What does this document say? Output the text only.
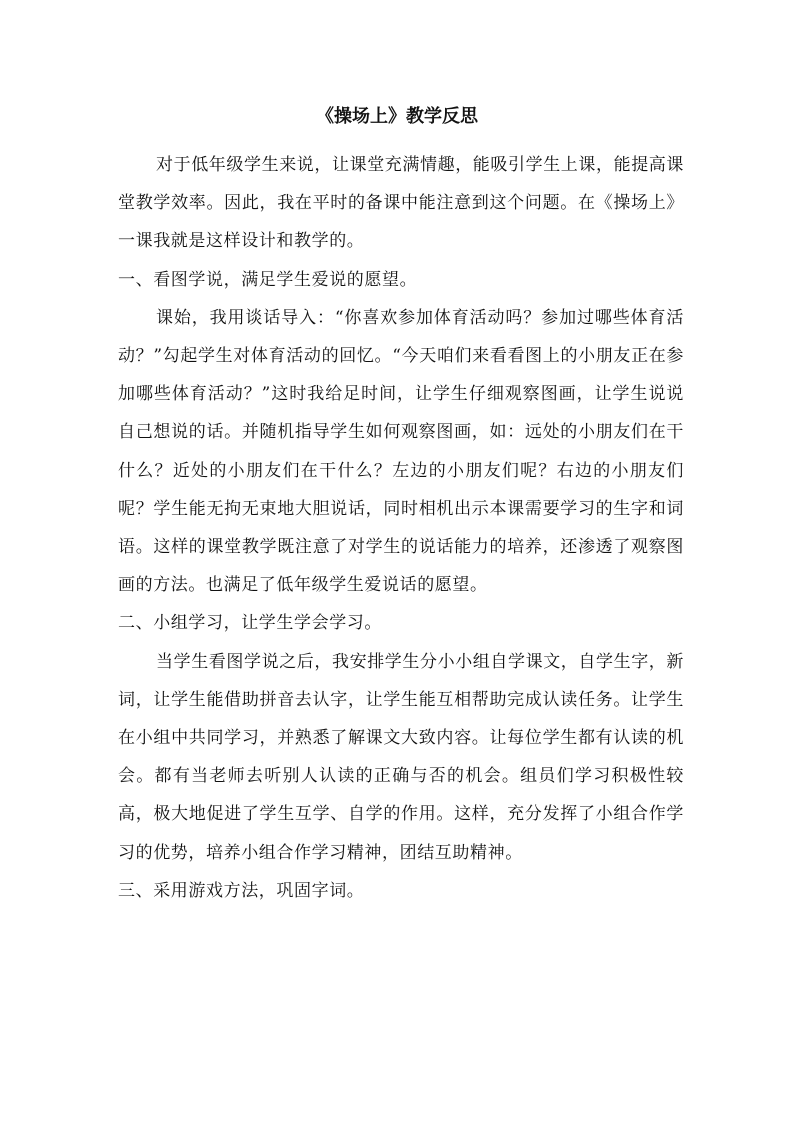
《操场上》教学反思

对于低年级学生来说，让课堂充满情趣，能吸引学生上课，能提高课堂教学效率。因此，我在平时的备课中能注意到这个问题。在《操场上》一课我就是这样设计和教学的。

一、看图学说，满足学生爱说的愿望。

课始，我用谈话导入：“你喜欢参加体育活动吗？参加过哪些体育活动？”勾起学生对体育活动的回忆。“今天咱们来看看图上的小朋友正在参加哪些体育活动？”这时我给足时间，让学生仔细观察图画，让学生说说自己想说的话。并随机指导学生如何观察图画，如：远处的小朋友们在干什么？近处的小朋友们在干什么？左边的小朋友们呢？右边的小朋友们呢？学生能无拘无束地大胆说话，同时相机出示本课需要学习的生字和词语。这样的课堂教学既注意了对学生的说话能力的培养，还渗透了观察图画的方法。也满足了低年级学生爱说话的愿望。

二、小组学习，让学生学会学习。

当学生看图学说之后，我安排学生分小小组自学课文，自学生字，新词，让学生能借助拼音去认字，让学生能互相帮助完成认读任务。让学生在小组中共同学习，并熟悉了解课文大致内容。让每位学生都有认读的机会。都有当老师去听别人认读的正确与否的机会。组员们学习积极性较高，极大地促进了学生互学、自学的作用。这样，充分发挥了小组合作学习的优势，培养小组合作学习精神，团结互助精神。

三、采用游戏方法，巩固字词。
